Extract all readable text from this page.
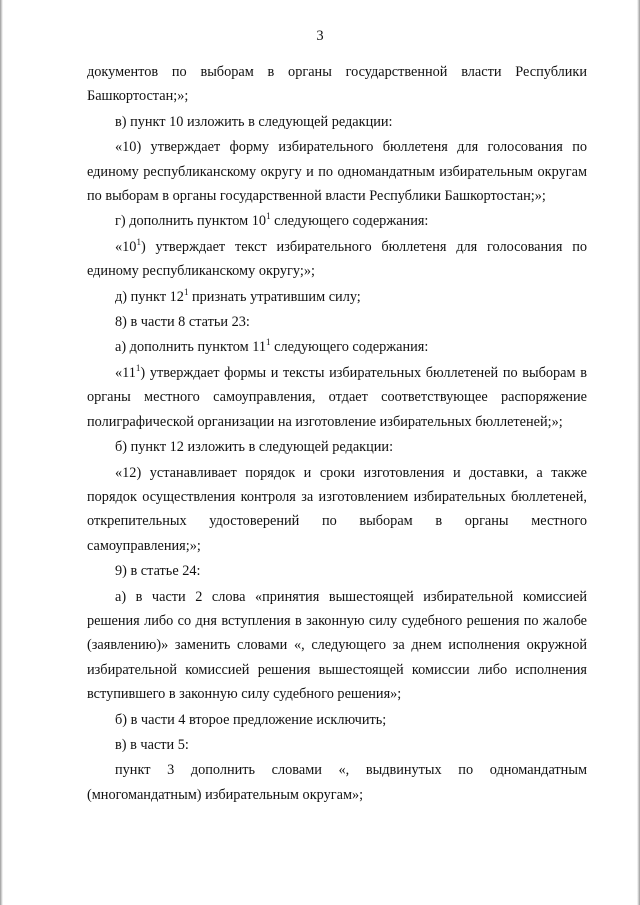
3

документов по выборам в органы государственной власти Республики Башкортостан;»;

в) пункт 10 изложить в следующей редакции:

«10) утверждает форму избирательного бюллетеня для голосования по единому республиканскому округу и по одномандатным избирательным округам по выборам в органы государственной власти Республики Башкортостан;»;

г) дополнить пунктом $10^1$ следующего содержания:

«$10^1$) утверждает текст избирательного бюллетеня для голосования по единому республиканскому округу;»;

д) пункт $12^1$ признать утратившим силу;

8) в части 8 статьи 23:

а) дополнить пунктом $11^1$ следующего содержания:

«$11^1$) утверждает формы и тексты избирательных бюллетеней по выборам в органы местного самоуправления, отдает соответствующее распоряжение полиграфической организации на изготовление избирательных бюллетеней;»;

б) пункт 12 изложить в следующей редакции:

«12) устанавливает порядок и сроки изготовления и доставки, а также порядок осуществления контроля за изготовлением избирательных бюллетеней, открепительных удостоверений по выборам в органы местного самоуправления;»;

9) в статье 24:

а) в части 2 слова «принятия вышестоящей избирательной комиссией решения либо со дня вступления в законную силу судебного решения по жалобе (заявлению)» заменить словами «, следующего за днем исполнения окружной избирательной комиссией решения вышестоящей комиссии либо исполнения вступившего в законную силу судебного решения»;

б) в части 4 второе предложение исключить;

в) в части 5:

пункт 3 дополнить словами «, выдвинутых по одномандатным (многомандатным) избирательным округам»;
